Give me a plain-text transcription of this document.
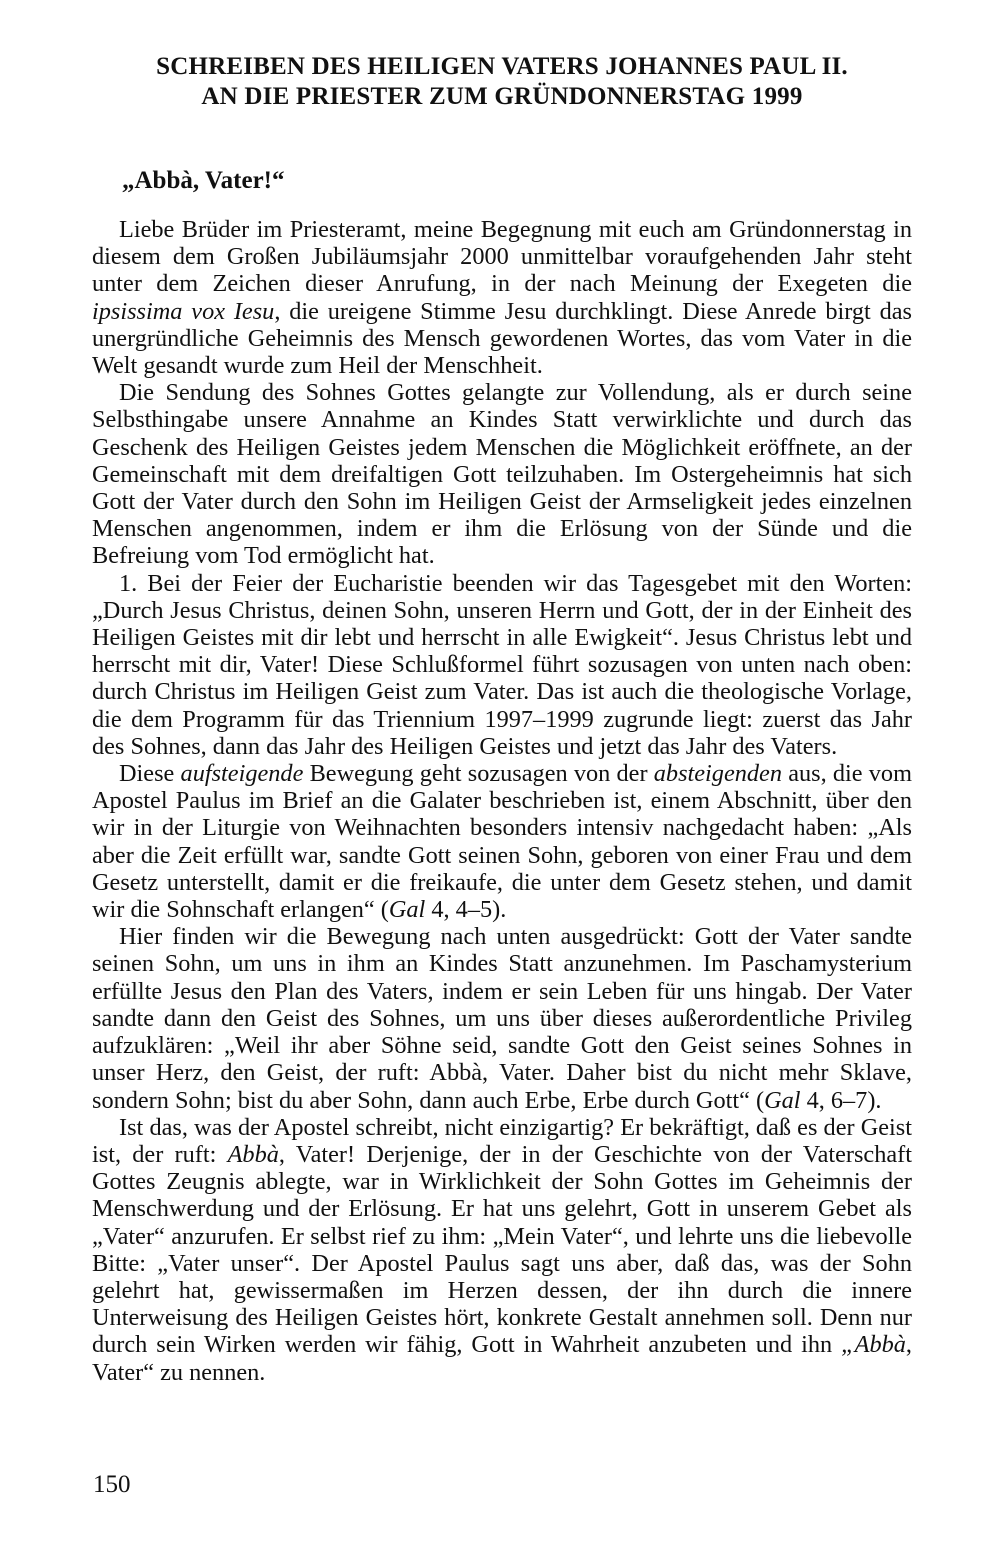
SCHREIBEN DES HEILIGEN VATERS JOHANNES PAUL II.

AN DIE PRIESTER ZUM GRÜNDONNERSTAG 1999

„Abbà, Vater!“

Liebe Brüder im Priesteramt, meine Begegnung mit euch am Gründonnerstag in diesem dem Großen Jubiläumsjahr 2000 unmittelbar voraufgehenden Jahr steht unter dem Zeichen dieser Anrufung, in der nach Meinung der Exegeten die ipsissima vox Iesu, die ureigene Stimme Jesu durchklingt. Diese Anrede birgt das unergründliche Geheimnis des Mensch gewordenen Wortes, das vom Vater in die Welt gesandt wurde zum Heil der Menschheit.

Die Sendung des Sohnes Gottes gelangte zur Vollendung, als er durch seine Selbsthingabe unsere Annahme an Kindes Statt verwirklichte und durch das Geschenk des Heiligen Geistes jedem Menschen die Möglichkeit eröffnete, an der Gemeinschaft mit dem dreifaltigen Gott teilzuhaben. Im Ostergeheimnis hat sich Gott der Vater durch den Sohn im Heiligen Geist der Armseligkeit jedes einzelnen Menschen angenommen, indem er ihm die Erlösung von der Sünde und die Befreiung vom Tod ermöglicht hat.

1. Bei der Feier der Eucharistie beenden wir das Tagesgebet mit den Worten: „Durch Jesus Christus, deinen Sohn, unseren Herrn und Gott, der in der Einheit des Heiligen Geistes mit dir lebt und herrscht in alle Ewigkeit“. Jesus Christus lebt und herrscht mit dir, Vater! Diese Schlußformel führt sozusagen von unten nach oben: durch Christus im Heiligen Geist zum Vater. Das ist auch die theologische Vorlage, die dem Programm für das Triennium 1997–1999 zugrunde liegt: zuerst das Jahr des Sohnes, dann das Jahr des Heiligen Geistes und jetzt das Jahr des Vaters.

Diese aufsteigende Bewegung geht sozusagen von der absteigenden aus, die vom Apostel Paulus im Brief an die Galater beschrieben ist, einem Abschnitt, über den wir in der Liturgie von Weihnachten besonders intensiv nachgedacht haben: „Als aber die Zeit erfüllt war, sandte Gott seinen Sohn, geboren von einer Frau und dem Gesetz unterstellt, damit er die freikaufe, die unter dem Gesetz stehen, und damit wir die Sohnschaft erlangen“ (Gal 4, 4–5).

Hier finden wir die Bewegung nach unten ausgedrückt: Gott der Vater sandte seinen Sohn, um uns in ihm an Kindes Statt anzunehmen. Im Paschamysterium erfüllte Jesus den Plan des Vaters, indem er sein Leben für uns hingab. Der Vater sandte dann den Geist des Sohnes, um uns über dieses außerordentliche Privileg aufzuklären: „Weil ihr aber Söhne seid, sandte Gott den Geist seines Sohnes in unser Herz, den Geist, der ruft: Abbà, Vater. Daher bist du nicht mehr Sklave, sondern Sohn; bist du aber Sohn, dann auch Erbe, Erbe durch Gott“ (Gal 4, 6–7).

Ist das, was der Apostel schreibt, nicht einzigartig? Er bekräftigt, daß es der Geist ist, der ruft: Abbà, Vater! Derjenige, der in der Geschichte von der Vaterschaft Gottes Zeugnis ablegte, war in Wirklichkeit der Sohn Gottes im Geheimnis der Menschwerdung und der Erlösung. Er hat uns gelehrt, Gott in unserem Gebet als „Vater“ anzurufen. Er selbst rief zu ihm: „Mein Vater“, und lehrte uns die liebevolle Bitte: „Vater unser“. Der Apostel Paulus sagt uns aber, daß das, was der Sohn gelehrt hat, gewissermaßen im Herzen dessen, der ihn durch die innere Unterweisung des Heiligen Geistes hört, konkrete Gestalt annehmen soll. Denn nur durch sein Wirken werden wir fähig, Gott in Wahrheit anzubeten und ihn „Abbà, Vater“ zu nennen.

150
